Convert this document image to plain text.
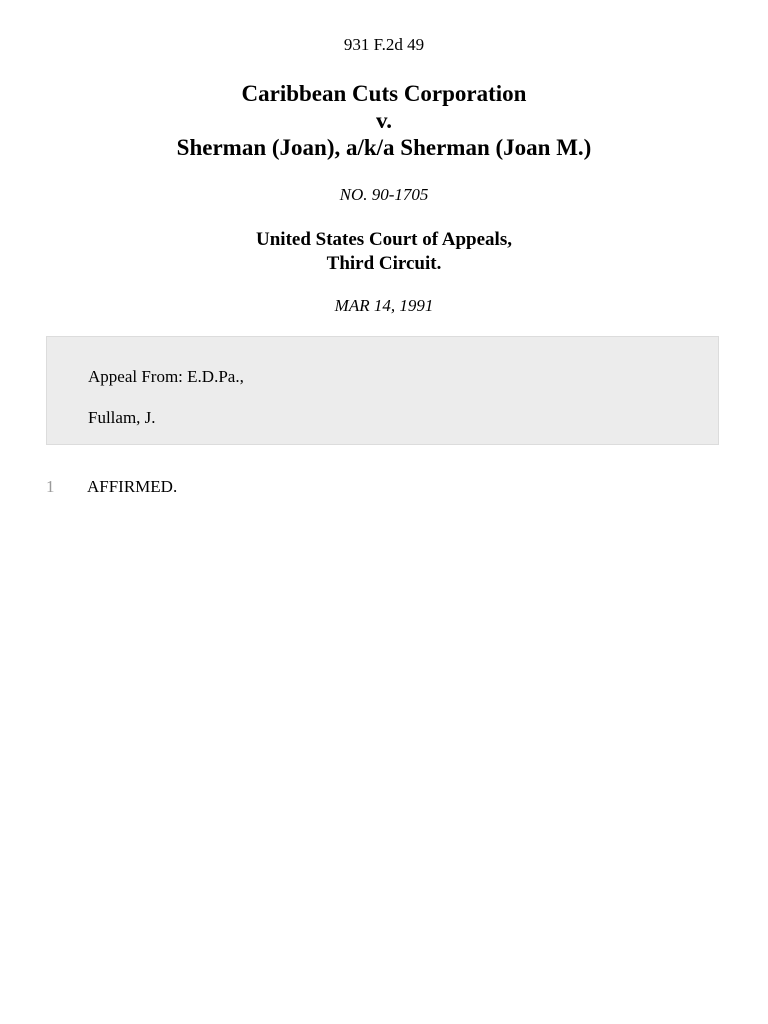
931 F.2d 49
Caribbean Cuts Corporation
v.
Sherman (Joan), a/k/a Sherman (Joan M.)
NO. 90-1705
United States Court of Appeals,
Third Circuit.
MAR 14, 1991
Appeal From: E.D.Pa.,
Fullam, J.
1 AFFIRMED.
